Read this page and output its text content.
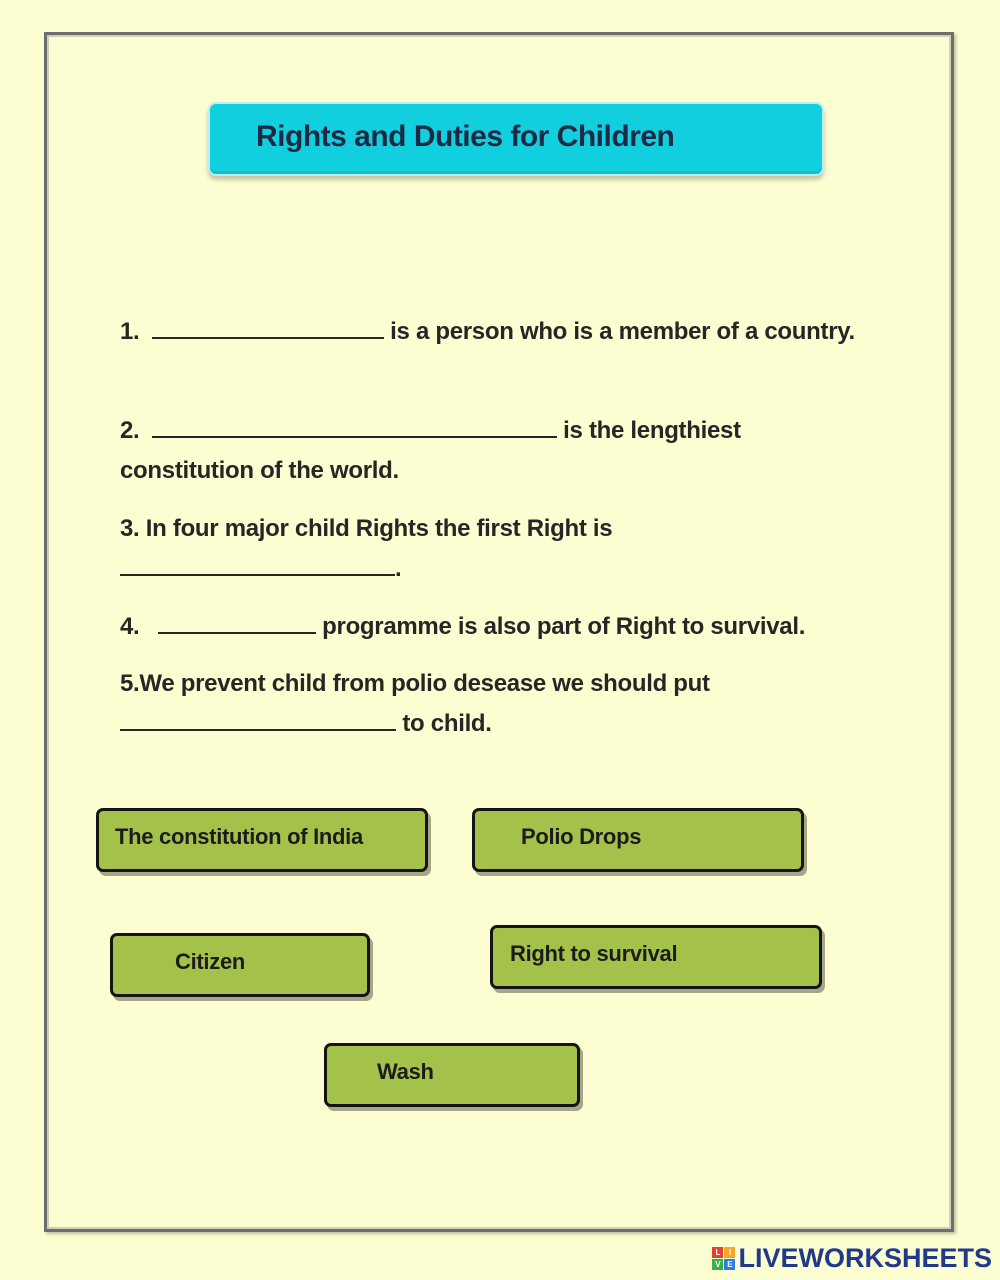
Rights and Duties for Children
1.	is a person who is a member of a country.
2.	is the lengthiest constitution of the world.
3. In four major child Rights the first Right is.
4.	programme is also part of Right to survival.
5.We prevent child from polio desease we should put
to child.
The constitution of India	Polio Drops
Citizen	Right to survival
Wash
L	I
V E LIVEWORKSHEETS
